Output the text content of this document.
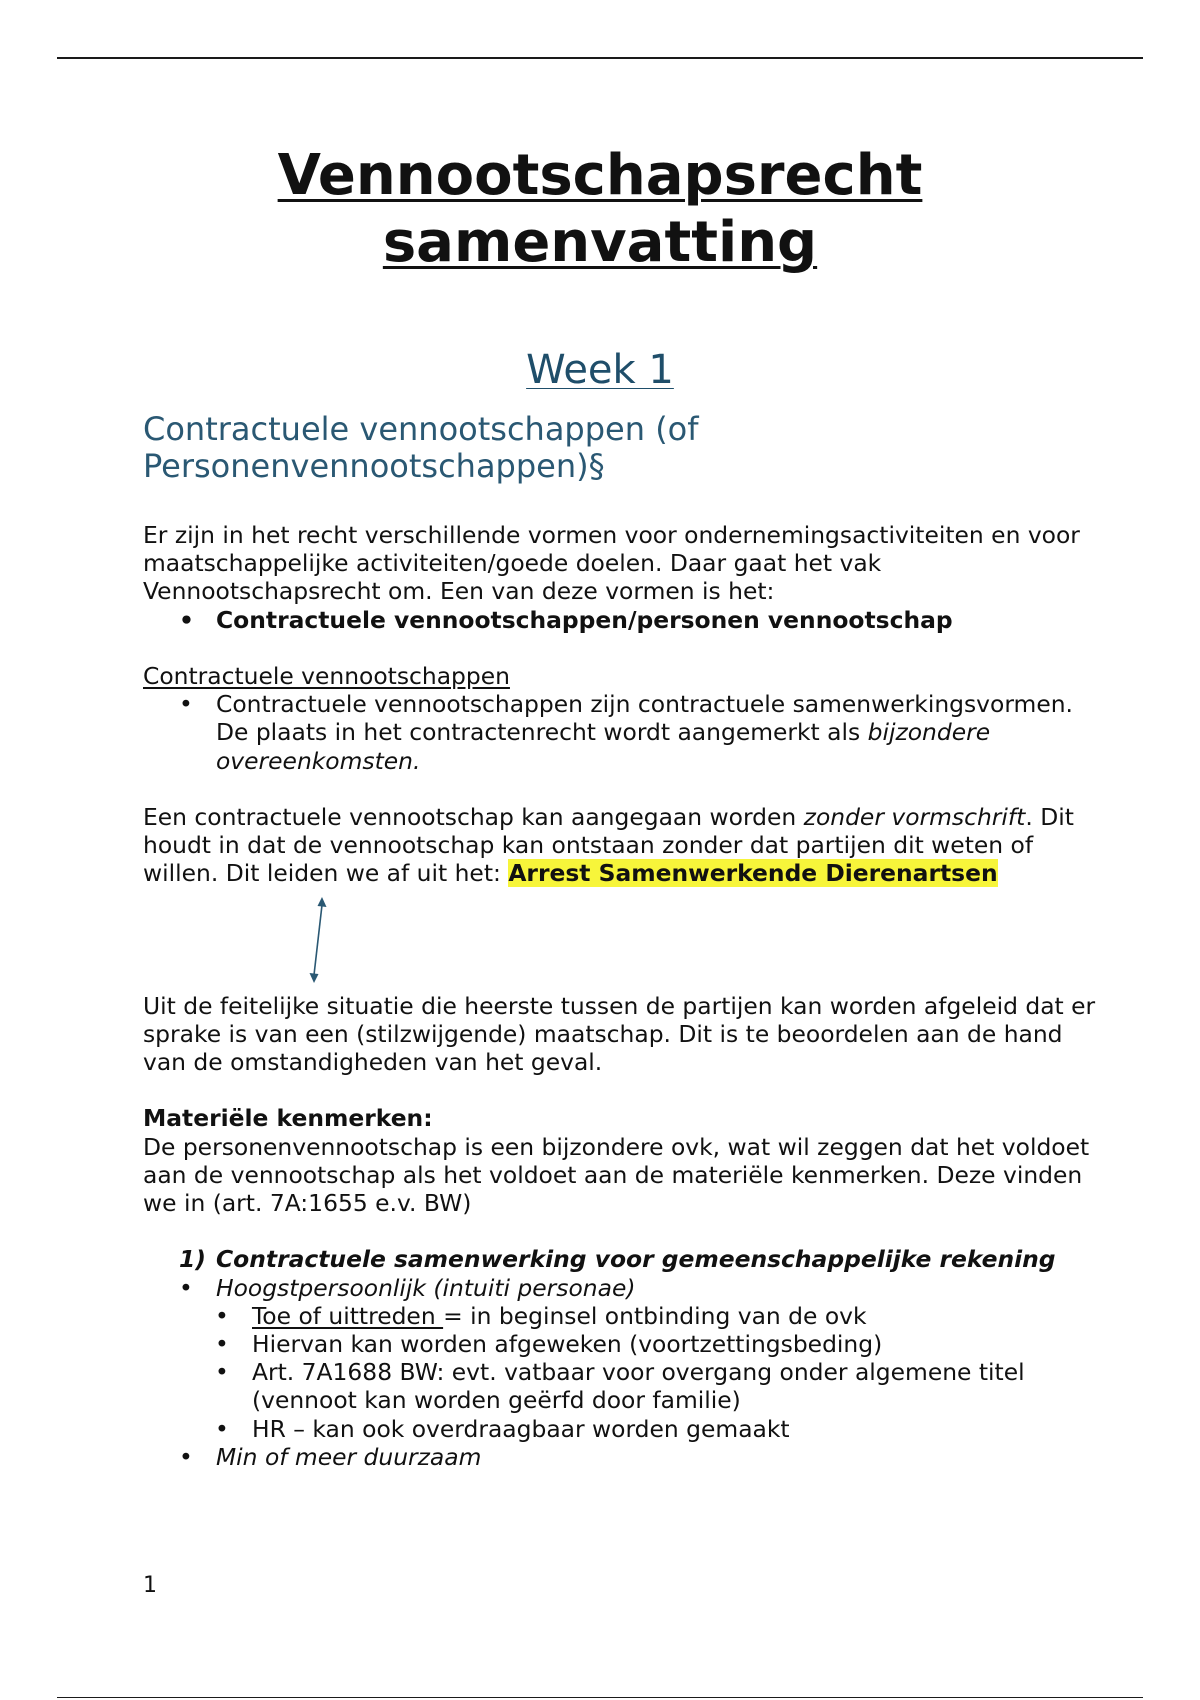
Vennootschapsrecht
samenvatting
Week 1
Contractuele vennootschappen (of Personenvennootschappen)§

Er zijn in het recht verschillende vormen voor ondernemingsactiviteiten en voor maatschappelijke activiteiten/goede doelen. Daar gaat het vak Vennootschapsrecht om. Een van deze vormen is het:

• Contractuele vennootschappen/personen vennootschap

Contractuele vennootschappen

• Contractuele vennootschappen zijn contractuele samenwerkingsvormen. De plaats in het contractenrecht wordt aangemerkt als bijzondere overeenkomsten.

Een contractuele vennootschap kan aangegaan worden zonder vormschrift. Dit houdt in dat de vennootschap kan ontstaan zonder dat partijen dit weten of willen. Dit leiden we af uit het: Arrest Samenwerkende Dierenartsen

Uit de feitelijke situatie die heerste tussen de partijen kan worden afgeleid dat er sprake is van een (stilzwijgende) maatschap. Dit is te beoordelen aan de hand van de omstandigheden van het geval.

Materiële kenmerken:

De personenvennootschap is een bijzondere ovk, wat wil zeggen dat het voldoet aan de vennootschap als het voldoet aan de materiële kenmerken. Deze vinden we in (art. 7A:1655 e.v. BW)

1) Contractuele samenwerking voor gemeenschappelijke rekening
• Hoogstpersoonlijk (intuiti personae)
• Toe of uittreden = in beginsel ontbinding van de ovk
• Hiervan kan worden afgeweken (voortzettingsbeding)
• Art. 7A1688 BW: evt. vatbaar voor overgang onder algemene titel (vennoot kan worden geërfd door familie)
• HR – kan ook overdraagbaar worden gemaakt
• Min of meer duurzaam
1
